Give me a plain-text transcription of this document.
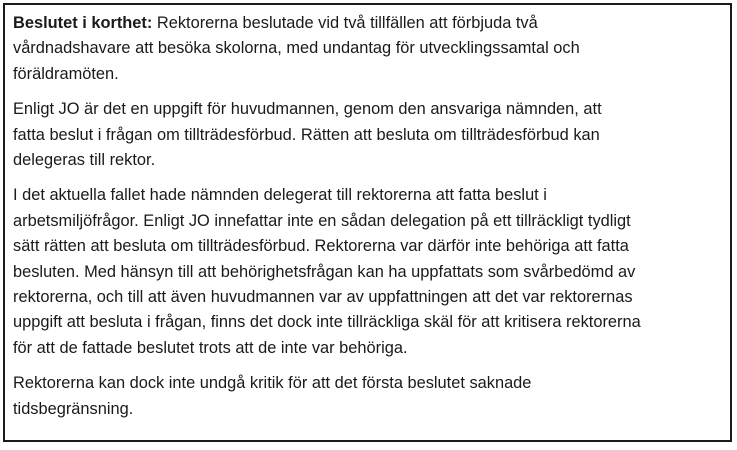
Beslutet i korthet: Rektorerna beslutade vid två tillfällen att förbjuda två
vårdnadshavare att besöka skolorna, med undantag för utvecklingssamtal och
föräldramöten.

Enligt JO är det en uppgift för huvudmannen, genom den ansvariga nämnden, att
fatta beslut i frågan om tillträdesförbud. Rätten att besluta om tillträdesförbud kan
delegeras till rektor.

I det aktuella fallet hade nämnden delegerat till rektorerna att fatta beslut i
arbetsmiljöfrågor. Enligt JO innefattar inte en sådan delegation på ett tillräckligt tydligt
sätt rätten att besluta om tillträdesförbud. Rektorerna var därför inte behöriga att fatta
besluten. Med hänsyn till att behörighetsfrågan kan ha uppfattats som svårbedömd av
rektorerna, och till att även huvudmannen var av uppfattningen att det var rektorernas
uppgift att besluta i frågan, finns det dock inte tillräckliga skäl för att kritisera rektorerna
för att de fattade beslutet trots att de inte var behöriga.

Rektorerna kan dock inte undgå kritik för att det första beslutet saknade
tidsbegränsning.
